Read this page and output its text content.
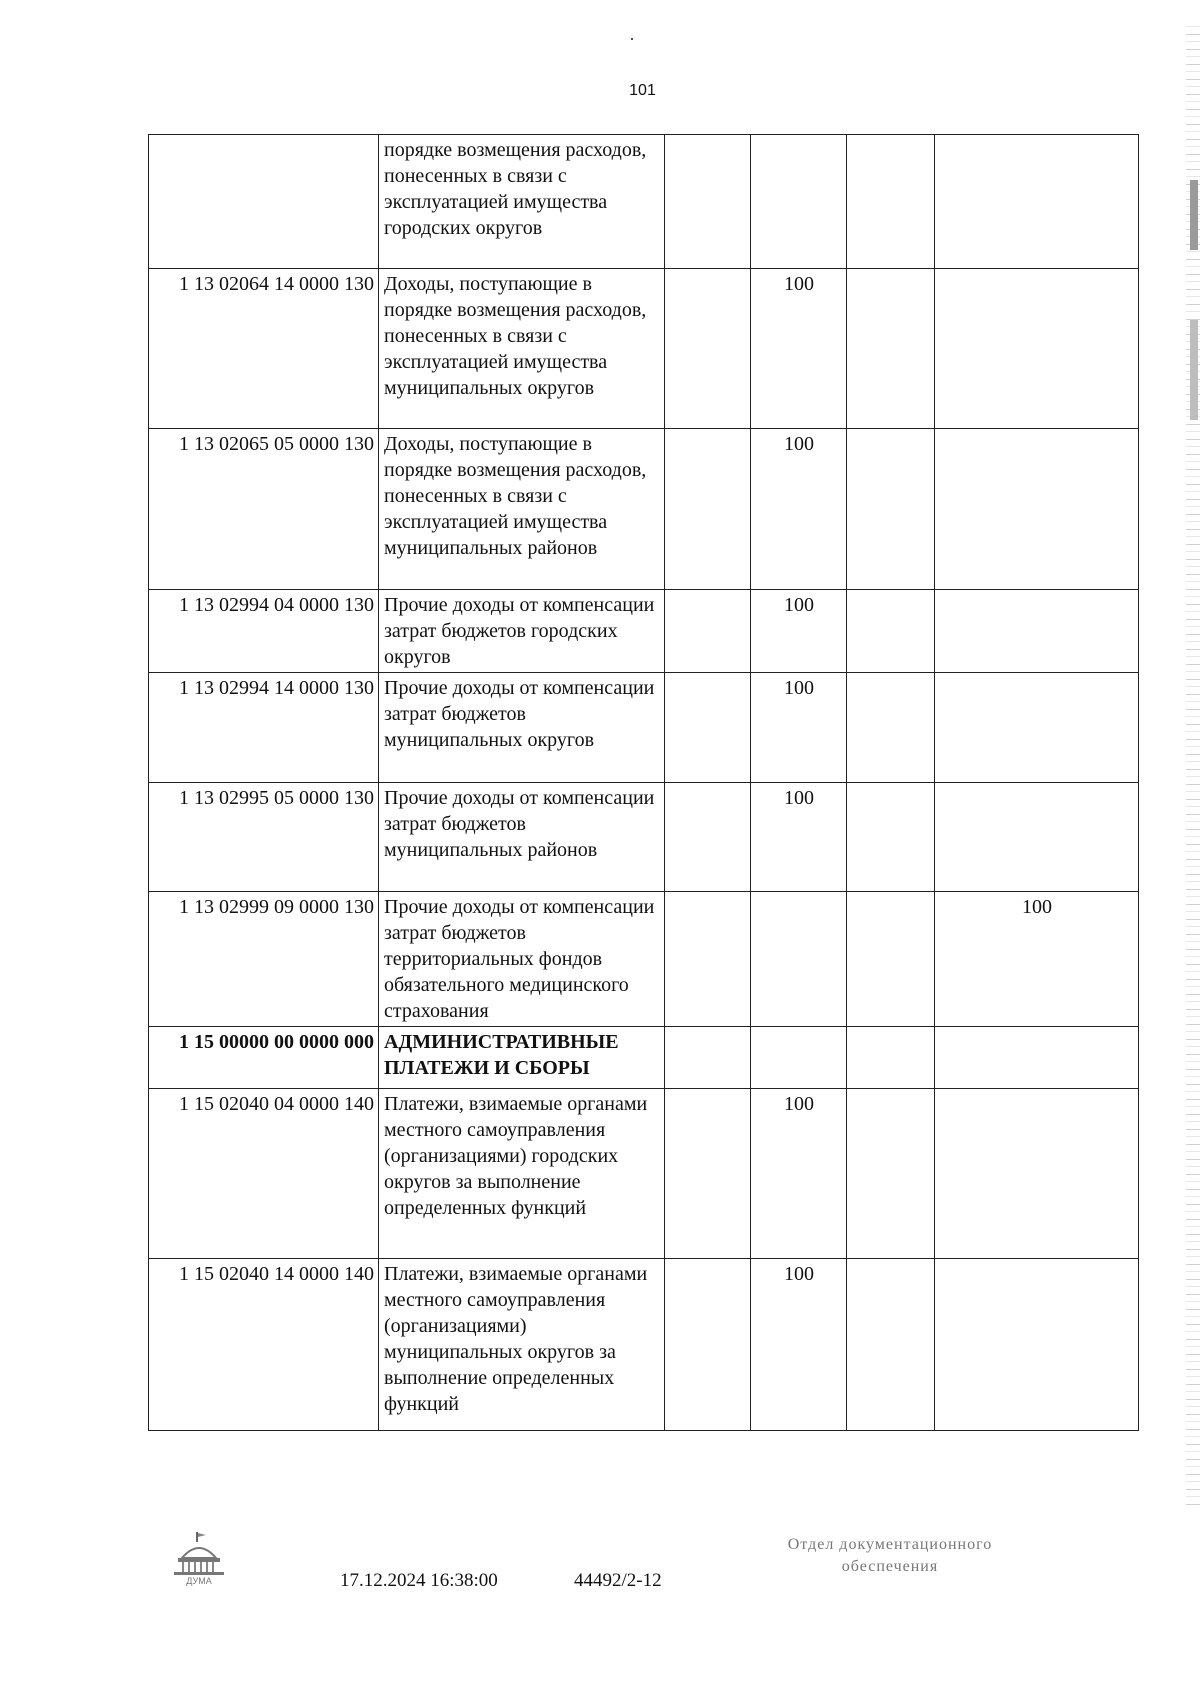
101
	порядке возмещения расходов, понесенных в связи с эксплуатацией имущества городских округов				
1 13 02064 14 0000 130	Доходы, поступающие в порядке возмещения расходов, понесенных в связи с эксплуатацией имущества муниципальных округов		100		
1 13 02065 05 0000 130	Доходы, поступающие в порядке возмещения расходов, понесенных в связи с эксплуатацией имущества муниципальных районов		100		
1 13 02994 04 0000 130	Прочие доходы от компенсации затрат бюджетов городских округов		100		
1 13 02994 14 0000 130	Прочие доходы от компенсации затрат бюджетов муниципальных округов		100		
1 13 02995 05 0000 130	Прочие доходы от компенсации затрат бюджетов муниципальных районов		100		
1 13 02999 09 0000 130	Прочие доходы от компенсации затрат бюджетов территориальных фондов обязательного медицинского страхования				100
1 15 00000 00 0000 000	АДМИНИСТРАТИВНЫЕ ПЛАТЕЖИ И СБОРЫ				
1 15 02040 04 0000 140	Платежи, взимаемые органами местного самоуправления (организациями) городских округов за выполнение определенных функций		100		
1 15 02040 14 0000 140	Платежи, взимаемые органами местного самоуправления (организациями) муниципальных округов за выполнение определенных функций		100		
ДУМА	17.12.2024 16:38:00	44492/2-12
Отдел документационного
обеспечения
